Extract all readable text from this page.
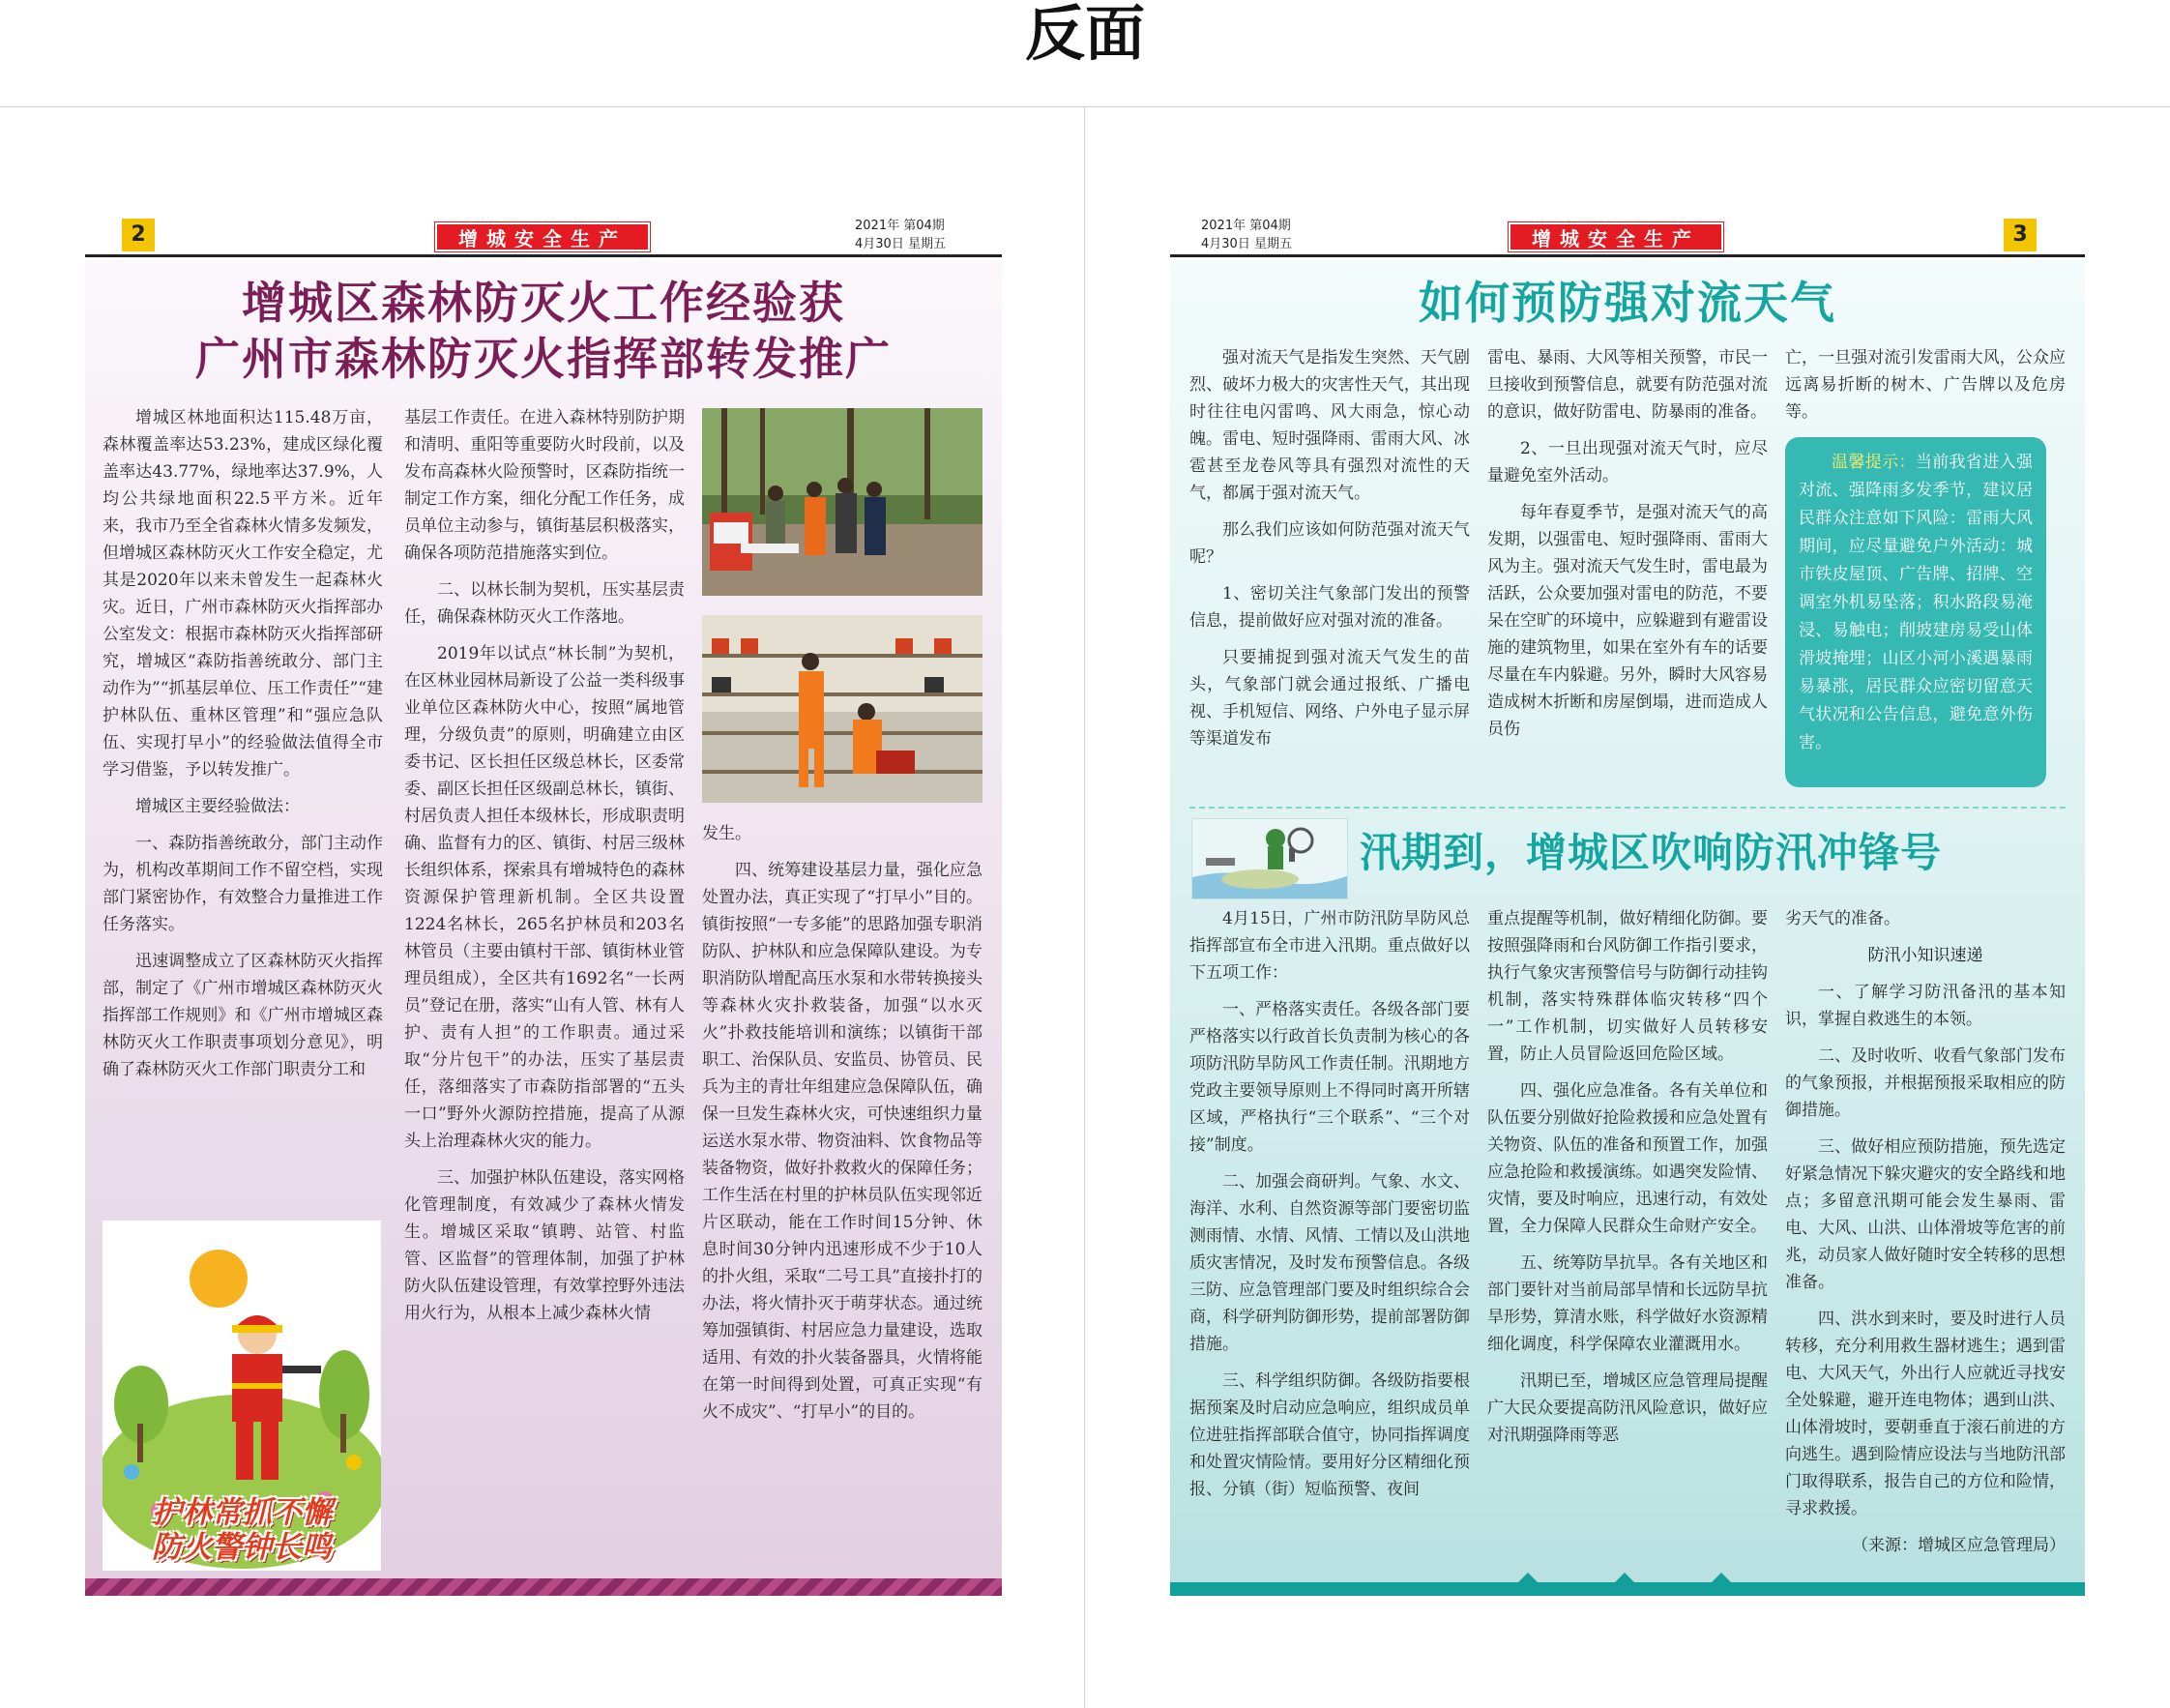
反面
2	增城安全生产
2021年 第04期
4月30日 星期五
增城区森林防灭火工作经验获
广州市森林防灭火指挥部转发推广

增城区林地面积达115.48万亩，森林覆盖率达53.23%，建成区绿化覆盖率达43.77%，绿地率达37.9%，人均公共绿地面积22.5平方米。近年来，我市乃至全省森林火情多发频发，但增城区森林防灭火工作安全稳定，尤其是2020年以来未曾发生一起森林火灾。近日，广州市森林防灭火指挥部办公室发文：根据市森林防灭火指挥部研究，增城区“森防指善统敢分、部门主动作为”“抓基层单位、压工作责任”“建护林队伍、重林区管理”和“强应急队伍、实现打早小”的经验做法值得全市学习借鉴，予以转发推广。

增城区主要经验做法：

一、森防指善统敢分，部门主动作为，机构改革期间工作不留空档，实现部门紧密协作，有效整合力量推进工作任务落实。

迅速调整成立了区森林防灭火指挥部，制定了《广州市增城区森林防灭火指挥部工作规则》和《广州市增城区森林防灭火工作职责事项划分意见》，明确了森林防灭火工作部门职责分工和

基层工作责任。在进入森林特别防护期和清明、重阳等重要防火时段前，以及发布高森林火险预警时，区森防指统一制定工作方案，细化分配工作任务，成员单位主动参与，镇街基层积极落实，确保各项防范措施落实到位。

二、以林长制为契机，压实基层责任，确保森林防灭火工作落地。

2019年以试点“林长制”为契机，在区林业园林局新设了公益一类科级事业单位区森林防火中心，按照“属地管理，分级负责”的原则，明确建立由区委书记、区长担任区级总林长，区委常委、副区长担任区级副总林长，镇街、村居负责人担任本级林长，形成职责明确、监督有力的区、镇街、村居三级林长组织体系，探索具有增城特色的森林资源保护管理新机制。全区共设置1224名林长，265名护林员和203名林管员（主要由镇村干部、镇街林业管理员组成），全区共有1692名“一长两员”登记在册，落实“山有人管、林有人护、责有人担”的工作职责。通过采取“分片包干”的办法，压实了基层责任，落细落实了市森防指部署的“五头一口”野外火源防控措施，提高了从源头上治理森林火灾的能力。

三、加强护林队伍建设，落实网格化管理制度，有效减少了森林火情发生。增城区采取“镇聘、站管、村监管、区监督”的管理体制，加强了护林防火队伍建设管理，有效掌控野外违法用火行为，从根本上减少森林火情

发生。

四、统筹建设基层力量，强化应急处置办法，真正实现了“打早小”目的。镇街按照“一专多能”的思路加强专职消防队、护林队和应急保障队建设。为专职消防队增配高压水泵和水带转换接头等森林火灾扑救装备，加强“以水灭火”扑救技能培训和演练；以镇街干部职工、治保队员、安监员、协管员、民兵为主的青壮年组建应急保障队伍，确保一旦发生森林火灾，可快速组织力量运送水泵水带、物资油料、饮食物品等装备物资，做好扑救救火的保障任务；工作生活在村里的护林员队伍实现邻近片区联动，能在工作时间15分钟、休息时间30分钟内迅速形成不少于10人的扑火组，采取“二号工具”直接扑打的办法，将火情扑灭于萌芽状态。通过统筹加强镇街、村居应急力量建设，选取适用、有效的扑火装备器具，火情将能在第一时间得到处置，可真正实现“有火不成灾”、“打早小”的目的。

护林常抓不懈
防火警钟长鸣
2021年 第04期
4月30日 星期五	增城安全生产	3
如何预防强对流天气

强对流天气是指发生突然、天气剧烈、破坏力极大的灾害性天气，其出现时往往电闪雷鸣、风大雨急，惊心动魄。雷电、短时强降雨、雷雨大风、冰雹甚至龙卷风等具有强烈对流性的天气，都属于强对流天气。

那么我们应该如何防范强对流天气呢？

1、密切关注气象部门发出的预警信息，提前做好应对强对流的准备。

只要捕捉到强对流天气发生的苗头，气象部门就会通过报纸、广播电视、手机短信、网络、户外电子显示屏等渠道发布

雷电、暴雨、大风等相关预警，市民一旦接收到预警信息，就要有防范强对流的意识，做好防雷电、防暴雨的准备。

2、一旦出现强对流天气时，应尽量避免室外活动。

每年春夏季节，是强对流天气的高发期，以强雷电、短时强降雨、雷雨大风为主。强对流天气发生时，雷电最为活跃，公众要加强对雷电的防范，不要呆在空旷的环境中，应躲避到有避雷设施的建筑物里，如果在室外有车的话要尽量在车内躲避。另外，瞬时大风容易造成树木折断和房屋倒塌，进而造成人员伤

亡，一旦强对流引发雷雨大风，公众应远离易折断的树木、广告牌以及危房等。

温馨提示：当前我省进入强对流、强降雨多发季节，建议居民群众注意如下风险：雷雨大风期间，应尽量避免户外活动：城市铁皮屋顶、广告牌、招牌、空调室外机易坠落；积水路段易淹浸、易触电；削坡建房易受山体滑坡掩埋；山区小河小溪遇暴雨易暴涨，居民群众应密切留意天气状况和公告信息，避免意外伤害。
汛期到，增城区吹响防汛冲锋号

4月15日，广州市防汛防旱防风总指挥部宣布全市进入汛期。重点做好以下五项工作：

一、严格落实责任。各级各部门要严格落实以行政首长负责制为核心的各项防汛防旱防风工作责任制。汛期地方党政主要领导原则上不得同时离开所辖区域，严格执行“三个联系”、“三个对接”制度。

二、加强会商研判。气象、水文、海洋、水利、自然资源等部门要密切监测雨情、水情、风情、工情以及山洪地质灾害情况，及时发布预警信息。各级三防、应急管理部门要及时组织综合会商，科学研判防御形势，提前部署防御措施。

三、科学组织防御。各级防指要根据预案及时启动应急响应，组织成员单位进驻指挥部联合值守，协同指挥调度和处置灾情险情。要用好分区精细化预报、分镇（街）短临预警、夜间

重点提醒等机制，做好精细化防御。要按照强降雨和台风防御工作指引要求，执行气象灾害预警信号与防御行动挂钩机制，落实特殊群体临灾转移“四个一”工作机制，切实做好人员转移安置，防止人员冒险返回危险区域。

四、强化应急准备。各有关单位和队伍要分别做好抢险救援和应急处置有关物资、队伍的准备和预置工作，加强应急抢险和救援演练。如遇突发险情、灾情，要及时响应，迅速行动，有效处置，全力保障人民群众生命财产安全。

五、统筹防旱抗旱。各有关地区和部门要针对当前局部旱情和长远防旱抗旱形势，算清水账，科学做好水资源精细化调度，科学保障农业灌溉用水。

汛期已至，增城区应急管理局提醒广大民众要提高防汛风险意识，做好应对汛期强降雨等恶

劣天气的准备。

防汛小知识速递

一、了解学习防汛备汛的基本知识，掌握自救逃生的本领。

二、及时收听、收看气象部门发布的气象预报，并根据预报采取相应的防御措施。

三、做好相应预防措施，预先选定好紧急情况下躲灾避灾的安全路线和地点；多留意汛期可能会发生暴雨、雷电、大风、山洪、山体滑坡等危害的前兆，动员家人做好随时安全转移的思想准备。

四、洪水到来时，要及时进行人员转移，充分利用救生器材逃生；遇到雷电、大风天气，外出行人应就近寻找安全处躲避，避开连电物体；遇到山洪、山体滑坡时，要朝垂直于滚石前进的方向逃生。遇到险情应设法与当地防汛部门取得联系，报告自己的方位和险情，寻求救援。

（来源：增城区应急管理局）
